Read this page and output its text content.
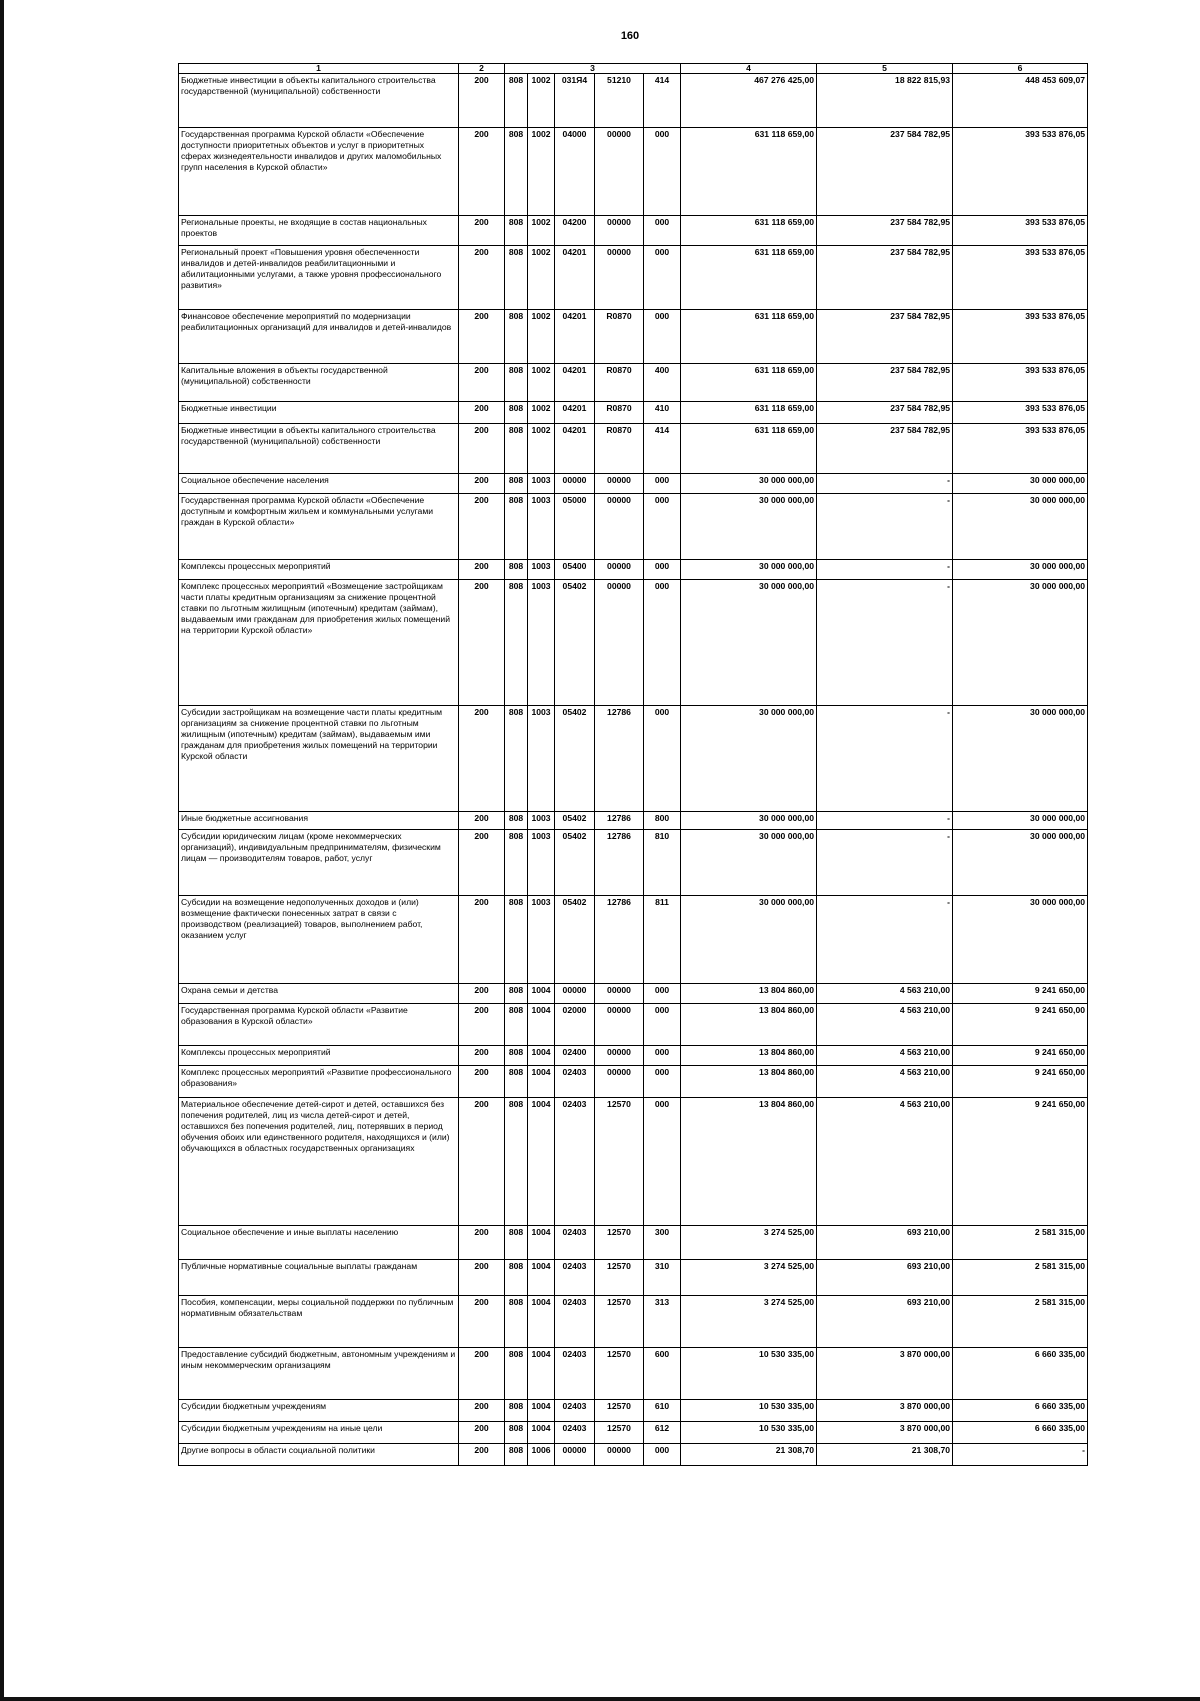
160
1	2	3					4	5	6
Бюджетные инвестиции в объекты капитального строительства государственной (муниципальной) собственности	200	808	1002	031Я4	51210	414	467 276 425,00	18 822 815,93	448 453 609,07
Государственная программа Курской области «Обеспечение доступности приоритетных объектов и услуг в приоритетных сферах жизнедеятельности инвалидов и других маломобильных групп населения в Курской области»	200	808	1002	04000	00000	000	631 118 659,00	237 584 782,95	393 533 876,05
Региональные проекты, не входящие в состав национальных проектов	200	808	1002	04200	00000	000	631 118 659,00	237 584 782,95	393 533 876,05
Региональный проект «Повышения уровня обеспеченности инвалидов и детей-инвалидов реабилитационными и абилитационными услугами, а также уровня профессионального развития»	200	808	1002	04201	00000	000	631 118 659,00	237 584 782,95	393 533 876,05
Финансовое обеспечение мероприятий по модернизации реабилитационных организаций для инвалидов и детей-инвалидов	200	808	1002	04201	R0870	000	631 118 659,00	237 584 782,95	393 533 876,05
Капитальные вложения в объекты государственной (муниципальной) собственности	200	808	1002	04201	R0870	400	631 118 659,00	237 584 782,95	393 533 876,05
Бюджетные инвестиции	200	808	1002	04201	R0870	410	631 118 659,00	237 584 782,95	393 533 876,05
Бюджетные инвестиции в объекты капитального строительства государственной (муниципальной) собственности	200	808	1002	04201	R0870	414	631 118 659,00	237 584 782,95	393 533 876,05
Социальное обеспечение населения	200	808	1003	00000	00000	000	30 000 000,00	-	30 000 000,00
Государственная программа Курской области «Обеспечение доступным и комфортным жильем и коммунальными услугами граждан в Курской области»	200	808	1003	05000	00000	000	30 000 000,00	-	30 000 000,00
Комплексы процессных мероприятий	200	808	1003	05400	00000	000	30 000 000,00	-	30 000 000,00
Комплекс процессных мероприятий «Возмещение застройщикам части платы кредитным организациям за снижение процентной ставки по льготным жилищным (ипотечным) кредитам (займам), выдаваемым ими гражданам для приобретения жилых помещений на территории Курской области»	200	808	1003	05402	00000	000	30 000 000,00	-	30 000 000,00
Субсидии застройщикам на возмещение части платы кредитным организациям за снижение процентной ставки по льготным жилищным (ипотечным) кредитам (займам), выдаваемым ими гражданам для приобретения жилых помещений на территории Курской области	200	808	1003	05402	12786	000	30 000 000,00	-	30 000 000,00
Иные бюджетные ассигнования	200	808	1003	05402	12786	800	30 000 000,00	-	30 000 000,00
Субсидии юридическим лицам (кроме некоммерческих организаций), индивидуальным предпринимателям, физическим лицам — производителям товаров, работ, услуг	200	808	1003	05402	12786	810	30 000 000,00	-	30 000 000,00
Субсидии на возмещение недополученных доходов и (или) возмещение фактически понесенных затрат в связи с производством (реализацией) товаров, выполнением работ, оказанием услуг	200	808	1003	05402	12786	811	30 000 000,00	-	30 000 000,00
Охрана семьи и детства	200	808	1004	00000	00000	000	13 804 860,00	4 563 210,00	9 241 650,00
Государственная программа Курской области «Развитие образования в Курской области»	200	808	1004	02000	00000	000	13 804 860,00	4 563 210,00	9 241 650,00
Комплексы процессных мероприятий	200	808	1004	02400	00000	000	13 804 860,00	4 563 210,00	9 241 650,00
Комплекс процессных мероприятий «Развитие профессионального образования»	200	808	1004	02403	00000	000	13 804 860,00	4 563 210,00	9 241 650,00
Материальное обеспечение детей-сирот и детей, оставшихся без попечения родителей, лиц из числа детей-сирот и детей, оставшихся без попечения родителей, лиц, потерявших в период обучения обоих или единственного родителя, находящихся и (или) обучающихся в областных государственных организациях	200	808	1004	02403	12570	000	13 804 860,00	4 563 210,00	9 241 650,00
Социальное обеспечение и иные выплаты населению	200	808	1004	02403	12570	300	3 274 525,00	693 210,00	2 581 315,00
Публичные нормативные социальные выплаты гражданам	200	808	1004	02403	12570	310	3 274 525,00	693 210,00	2 581 315,00
Пособия, компенсации, меры социальной поддержки по публичным нормативным обязательствам	200	808	1004	02403	12570	313	3 274 525,00	693 210,00	2 581 315,00
Предоставление субсидий бюджетным, автономным учреждениям и иным некоммерческим организациям	200	808	1004	02403	12570	600	10 530 335,00	3 870 000,00	6 660 335,00
Субсидии бюджетным учреждениям	200	808	1004	02403	12570	610	10 530 335,00	3 870 000,00	6 660 335,00
Субсидии бюджетным учреждениям на иные цели	200	808	1004	02403	12570	612	10 530 335,00	3 870 000,00	6 660 335,00
Другие вопросы в области социальной политики	200	808	1006	00000	00000	000	21 308,70	21 308,70	-
